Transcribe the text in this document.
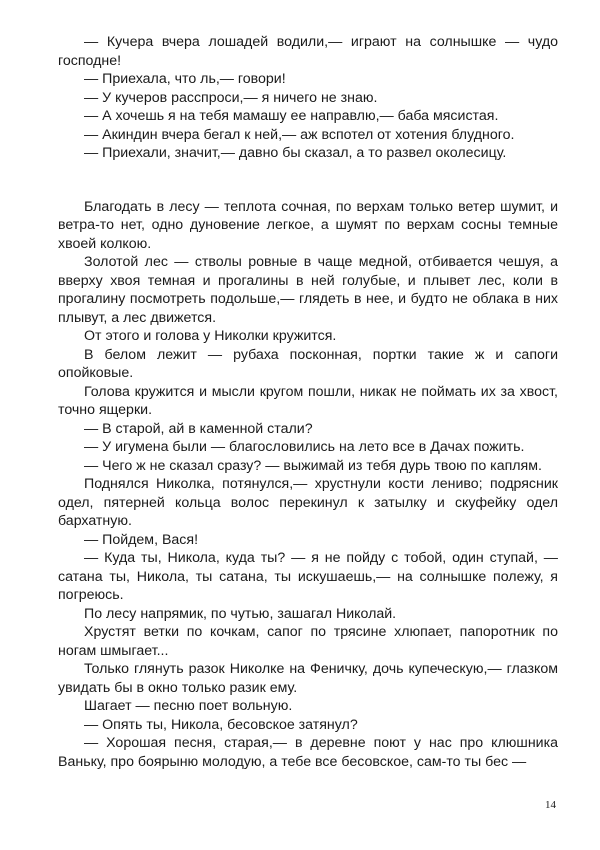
— Кучера вчера лошадей водили,— играют на солнышке — чудо господне!

— Приехала, что ль,— говори!

— У кучеров расспроси,— я ничего не знаю.

— А хочешь я на тебя мамашу ее направлю,— баба мясистая.

— Акиндин вчера бегал к ней,— аж вспотел от хотения блудного.

— Приехали, значит,— давно бы сказал, а то развел околесицу.

Благодать в лесу — теплота сочная, по верхам только ветер шумит, и ветра-то нет, одно дуновение легкое, а шумят по верхам сосны темные хвоей колкою.

Золотой лес — стволы ровные в чаще медной, отбивается чешуя, а вверху хвоя темная и прогалины в ней голубые, и плывет лес, коли в прогалину посмотреть подольше,— глядеть в нее, и будто не облака в них плывут, а лес движется.

От этого и голова у Николки кружится.

В белом лежит — рубаха посконная, портки такие ж и сапоги опойковые.

Голова кружится и мысли кругом пошли, никак не поймать их за хвост, точно ящерки.

— В старой, ай в каменной стали?

— У игумена были — благословились на лето все в Дачах пожить.

— Чего ж не сказал сразу? — выжимай из тебя дурь твою по каплям.

Поднялся Николка, потянулся,— хрустнули кости лениво; подрясник одел, пятерней кольца волос перекинул к затылку и скуфейку одел бархатную.

— Пойдем, Вася!

— Куда ты, Никола, куда ты? — я не пойду с тобой, один ступай, — сатана ты, Никола, ты сатана, ты искушаешь,— на солнышке полежу, я погреюсь.

По лесу напрямик, по чутью, зашагал Николай.

Хрустят ветки по кочкам, сапог по трясине хлюпает, папоротник по ногам шмыгает...

Только глянуть разок Николке на Феничку, дочь купеческую,— глазком увидать бы в окно только разик ему.

Шагает — песню поет вольную.

— Опять ты, Никола, бесовское затянул?

— Хорошая песня, старая,— в деревне поют у нас про клюшника Ваньку, про боярыню молодую, а тебе все бесовское, сам-то ты бес —

14
